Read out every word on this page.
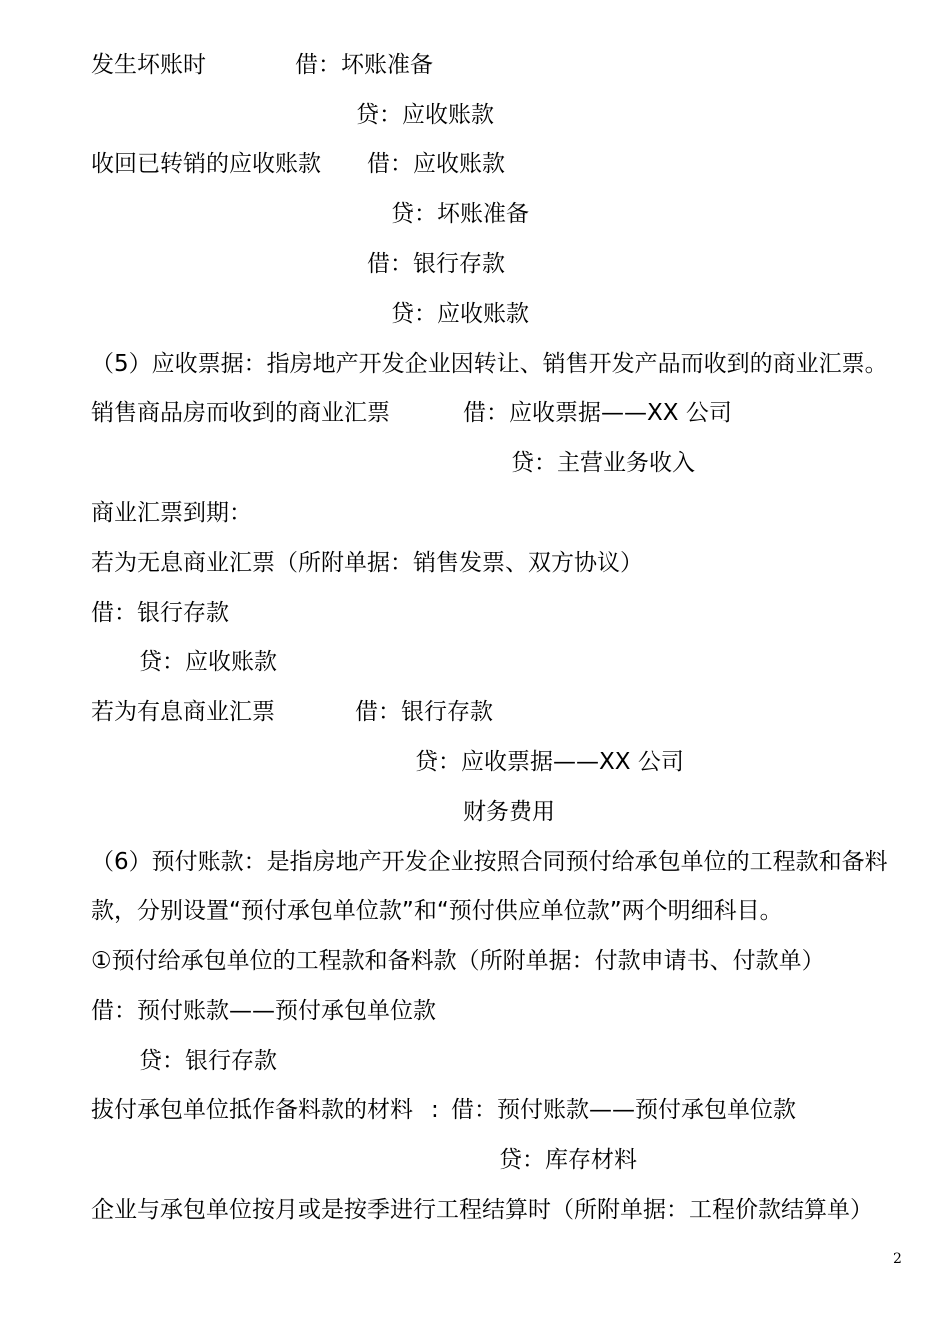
发生坏账时	借：坏账准备
贷：应收账款
收回已转销的应收账款 借：应收账款
贷：坏账准备
借：银行存款
贷：应收账款
（5）应收票据：指房地产开发企业因转让、销售开发产品而收到的商业汇票。
销售商品房而收到的商业汇票	借：应收票据——XX 公司
贷：主营业务收入
商业汇票到期：
若为无息商业汇票（所附单据：销售发票、双方协议）
借：银行存款
贷：应收账款
若为有息商业汇票	借：银行存款
贷：应收票据——XX 公司
财务费用
（6）预付账款：是指房地产开发企业按照合同预付给承包单位的工程款和备料
款，分别设置“预付承包单位款”和“预付供应单位款”两个明细科目。
①预付给承包单位的工程款和备料款（所附单据：付款申请书、付款单）
借：预付账款——预付承包单位款
贷：银行存款
拔付承包单位抵作备料款的材料 : 借：预付账款——预付承包单位款
贷：库存材料
企业与承包单位按月或是按季进行工程结算时（所附单据：工程价款结算单）
2
